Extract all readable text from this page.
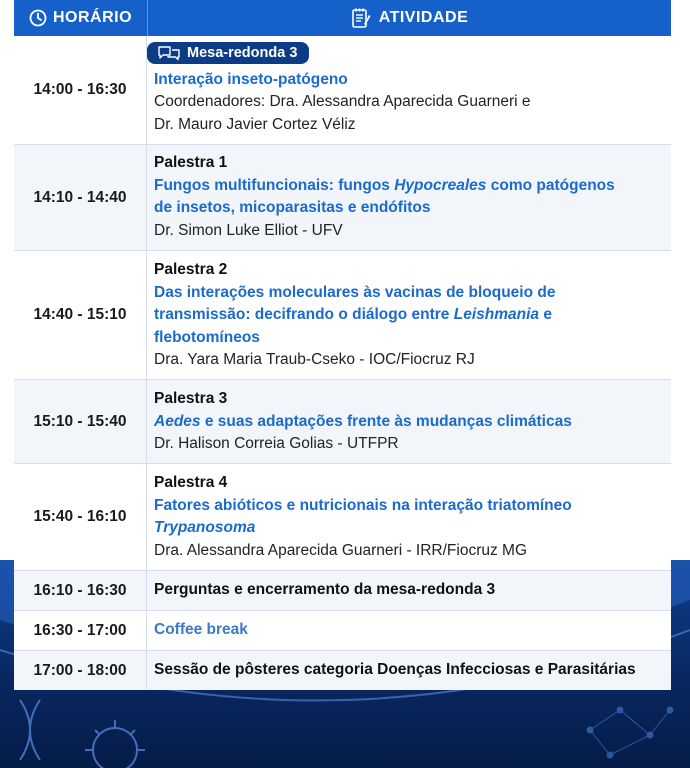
HORÁRIO	ATIVIDADE
14:00 - 16:30
Mesa-redonda 3
Interação inseto-patógeno
Coordenadores: Dra. Alessandra Aparecida Guarneri e
Dr. Mauro Javier Cortez Véliz
14:10 - 14:40
Palestra 1
Fungos multifuncionais: fungos Hypocreales como patógenos
de insetos, micoparasitas e endófitos
Dr. Simon Luke Elliot - UFV
14:40 - 15:10
Palestra 2
Das interações moleculares às vacinas de bloqueio de
transmissão: decifrando o diálogo entre Leishmania e
flebotomíneos
Dra. Yara Maria Traub-Cseko - IOC/Fiocruz RJ
15:10 - 15:40
Palestra 3
Aedes e suas adaptações frente às mudanças climáticas
Dr. Halison Correia Golias - UTFPR
15:40 - 16:10
Palestra 4
Fatores abióticos e nutricionais na interação triatomíneo
Trypanosoma
Dra. Alessandra Aparecida Guarneri - IRR/Fiocruz MG
16:10 - 16:30	Perguntas e encerramento da mesa-redonda 3
16:30 - 17:00	Coffee break
17:00 - 18:00	Sessão de pôsteres categoria Doenças Infecciosas e Parasitárias
